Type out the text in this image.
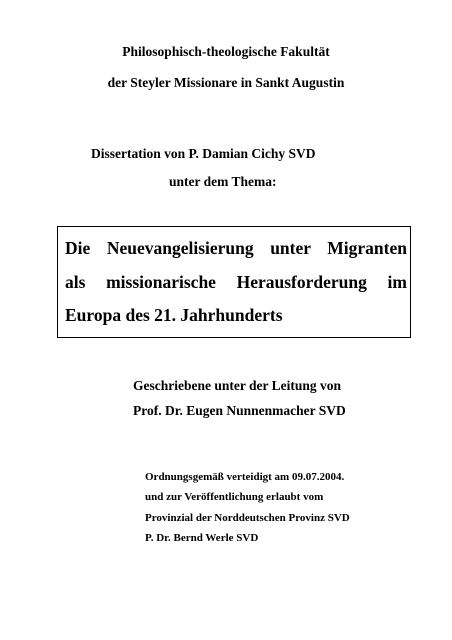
Philosophisch-theologische Fakultät
der Steyler Missionare in Sankt Augustin
Dissertation von P. Damian Cichy SVD
unter dem Thema:
Die Neuevangelisierung unter Migranten
als missionarische Herausforderung im
Europa des 21. Jahrhunderts
Geschriebene unter der Leitung von
Prof. Dr. Eugen Nunnenmacher SVD
Ordnungsgemäß verteidigt am 09.07.2004.
und zur Veröffentlichung erlaubt vom
Provinzial der Norddeutschen Provinz SVD
P. Dr. Bernd Werle SVD
